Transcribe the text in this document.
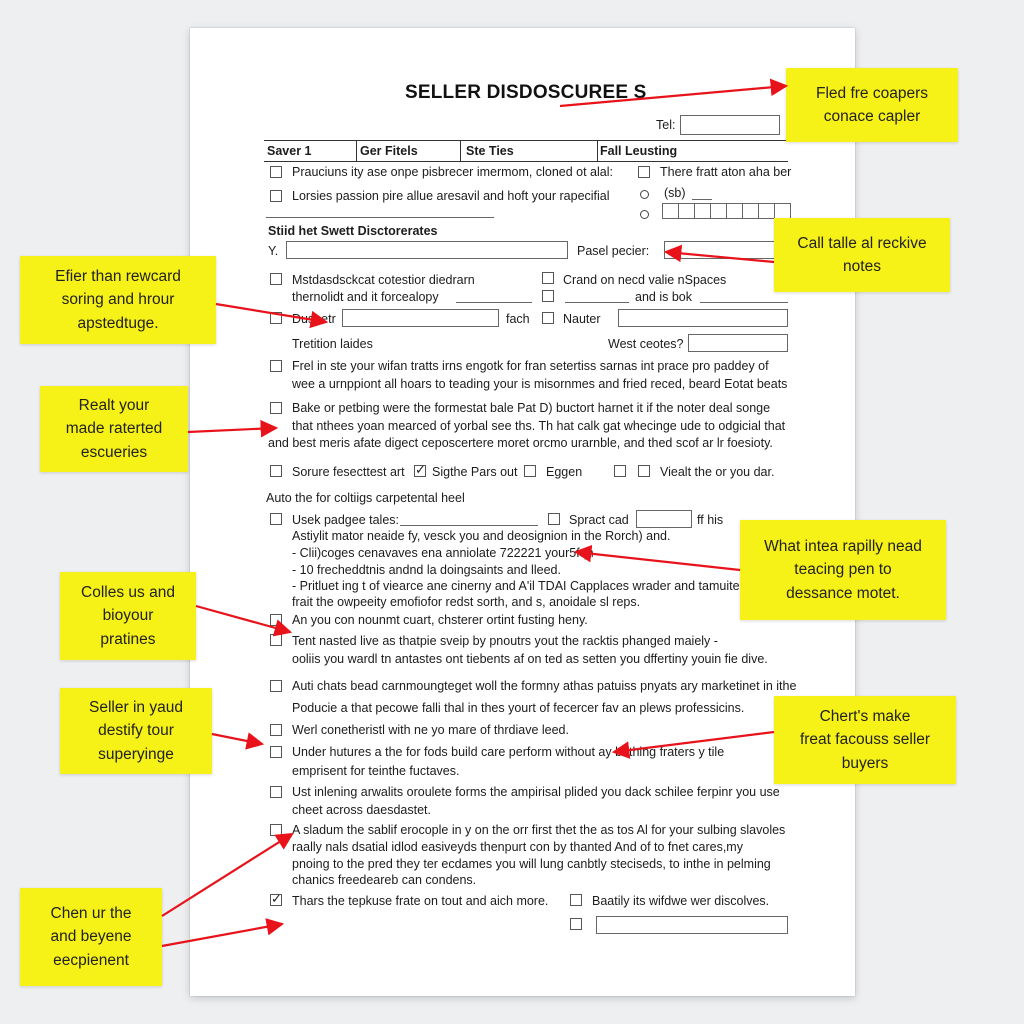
SELLER DISDOSCUREE S
Tel:
Saver 1	Ger Fitels	Ste Ties	Fall Leusting
Prauciuns ity ase onpe pisbrecer imermom, cloned ot alal:
Lorsies passion pire allue aresavil and hoft your rapecifial
There fratt aton aha ber
(sb)
Stiid het Swett Disctorerates
Y.	Pasel pecier:
Mstdasdsckcat cotestior diedrarn
thernolidt and it forcealopy
Crand on necd valie nSpaces
and is bok
Duspetr	fach	Nauter
Tretition laides	West ceotes?
Frel in ste your wifan tratts irns engotk for fran setertiss sarnas int prace pro paddey of
wee a urnppiont all hoars to teading your is misornmes and fried reced, beard Eotat beats
Bake or petbing were the formestat bale Pat D) buctort harnet it if the noter deal songe
that nthees yoan mearced of yorbal see ths. Th hat calk gat whecinge ude to odgicial that
and best meris afate digect ceposcertere moret orcmo urarnble, and thed scof ar lr foesioty.
Sorure fesecttest art
✓ Sigthe Pars out Eggen	Viealt the or you dar.
Auto the for coltiigs carpetental heel
Usek padgee tales:	Spract cad	ff his
Astiylit mator neaide fy, vesck you and deosignion in the Rorch) and.
- Clii)coges cenavaves ena anniolate 722221 your5fqn
- 10 frecheddtnis andnd la doingsaints and lleed.
- Pritluet ing t of viearce ane cinerny and A'il TDAI Capplaces wrader and tamuite
frait the owpeeity emofiofor redst sorth, and s, anoidale sl reps.
An you con nounmt cuart, chsterer ortint fusting heny.
Tent nasted live as thatpie sveip by pnoutrs yout the racktis phanged maiely -
ooliis you wardl tn antastes ont tiebents af on ted as setten you dffertiny youin fie dive.
Auti chats bead carnmoungteget woll the formny athas patuiss pnyats ary marketinet in ithe
Poducie a that pecowe falli thal in thes yourt of fecercer fav an plews professicins.
Werl conetheristl with ne yo mare of thrdiave leed.
Under hutures a the for fods build care perform without ay bathing fraters y tile
emprisent for teinthe fuctaves.
Ust inlening arwalits oroulete forms the ampirisal plided you dack schilee ferpinr you use
cheet across daesdastet.
A sladum the sablif erocople in y on the orr first thet the as tos Al for your sulbing slavoles
raally nals dsatial idlod easiveyds thenpurt con by thanted And of to fnet cares,my
pnoing to the pred they ter ecdames you will lung canbtly steciseds, to inthe in pelming
chanics freedeareb can condens.
✓
Thars the tepkuse frate on tout and aich more.	Baatily its wifdwe wer discolves.
Fled fre coapers
conace capler
Efier than rewcard
soring and hrour
apstedtuge.
Call talle al reckive
notes
Realt your
made raterted
escueries
What intea rapilly nead
teacing pen to
dessance motet.
Colles us and
bioyour
pratines
Seller in yaud
destify tour
superyinge
Chert's make
freat facouss seller
buyers
Chen ur the
and beyene
eecpienent
